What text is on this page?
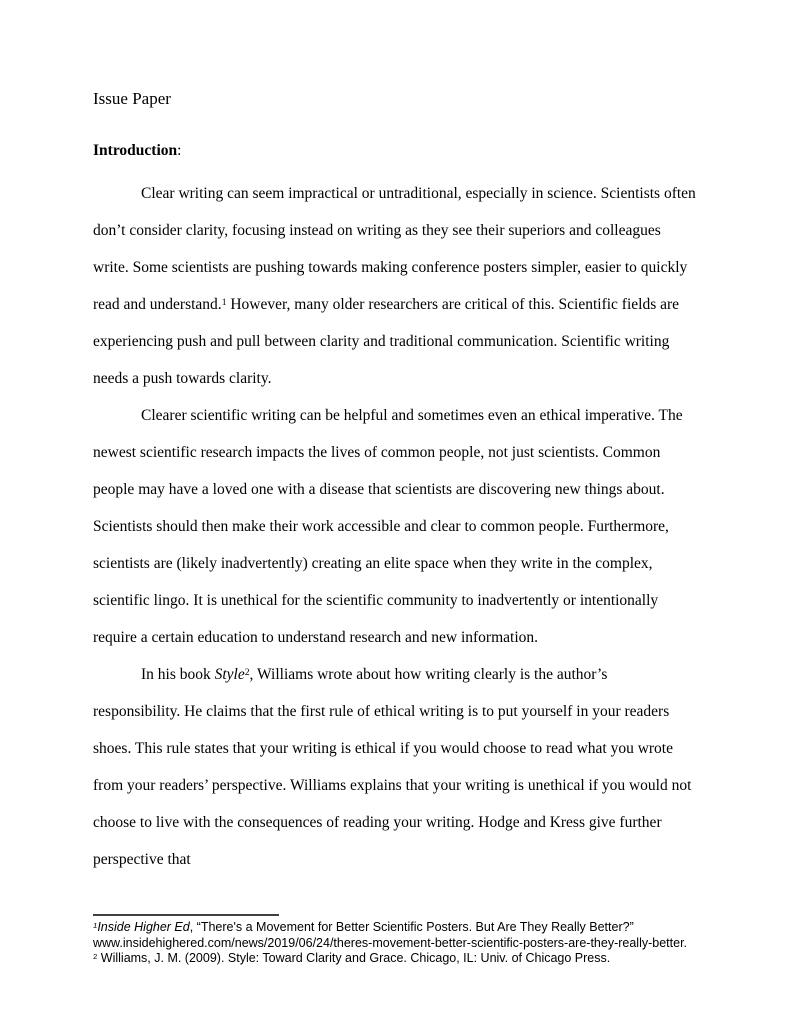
Issue Paper
Introduction:

Clear writing can seem impractical or untraditional, especially in science. Scientists often don’t consider clarity, focusing instead on writing as they see their superiors and colleagues write. Some scientists are pushing towards making conference posters simpler, easier to quickly read and understand.$^1$ However, many older researchers are critical of this. Scientific fields are experiencing push and pull between clarity and traditional communication. Scientific writing needs a push towards clarity.

Clearer scientific writing can be helpful and sometimes even an ethical imperative. The newest scientific research impacts the lives of common people, not just scientists. Common people may have a loved one with a disease that scientists are discovering new things about. Scientists should then make their work accessible and clear to common people. Furthermore, scientists are (likely inadvertently) creating an elite space when they write in the complex, scientific lingo. It is unethical for the scientific community to inadvertently or intentionally require a certain education to understand research and new information.

In his book Style$^2$, Williams wrote about how writing clearly is the author’s responsibility. He claims that the first rule of ethical writing is to put yourself in your readers shoes. This rule states that your writing is ethical if you would choose to read what you wrote from your readers’ perspective. Williams explains that your writing is unethical if you would not choose to live with the consequences of reading your writing. Hodge and Kress give further perspective that

$^1$Inside Higher Ed, “There's a Movement for Better Scientific Posters. But Are They Really Better?” www.insidehighered.com/news/2019/06/24/theres-movement-better-scientific-posters-are-they-really-better.

$^2$ Williams, J. M. (2009). Style: Toward Clarity and Grace. Chicago, IL: Univ. of Chicago Press.
